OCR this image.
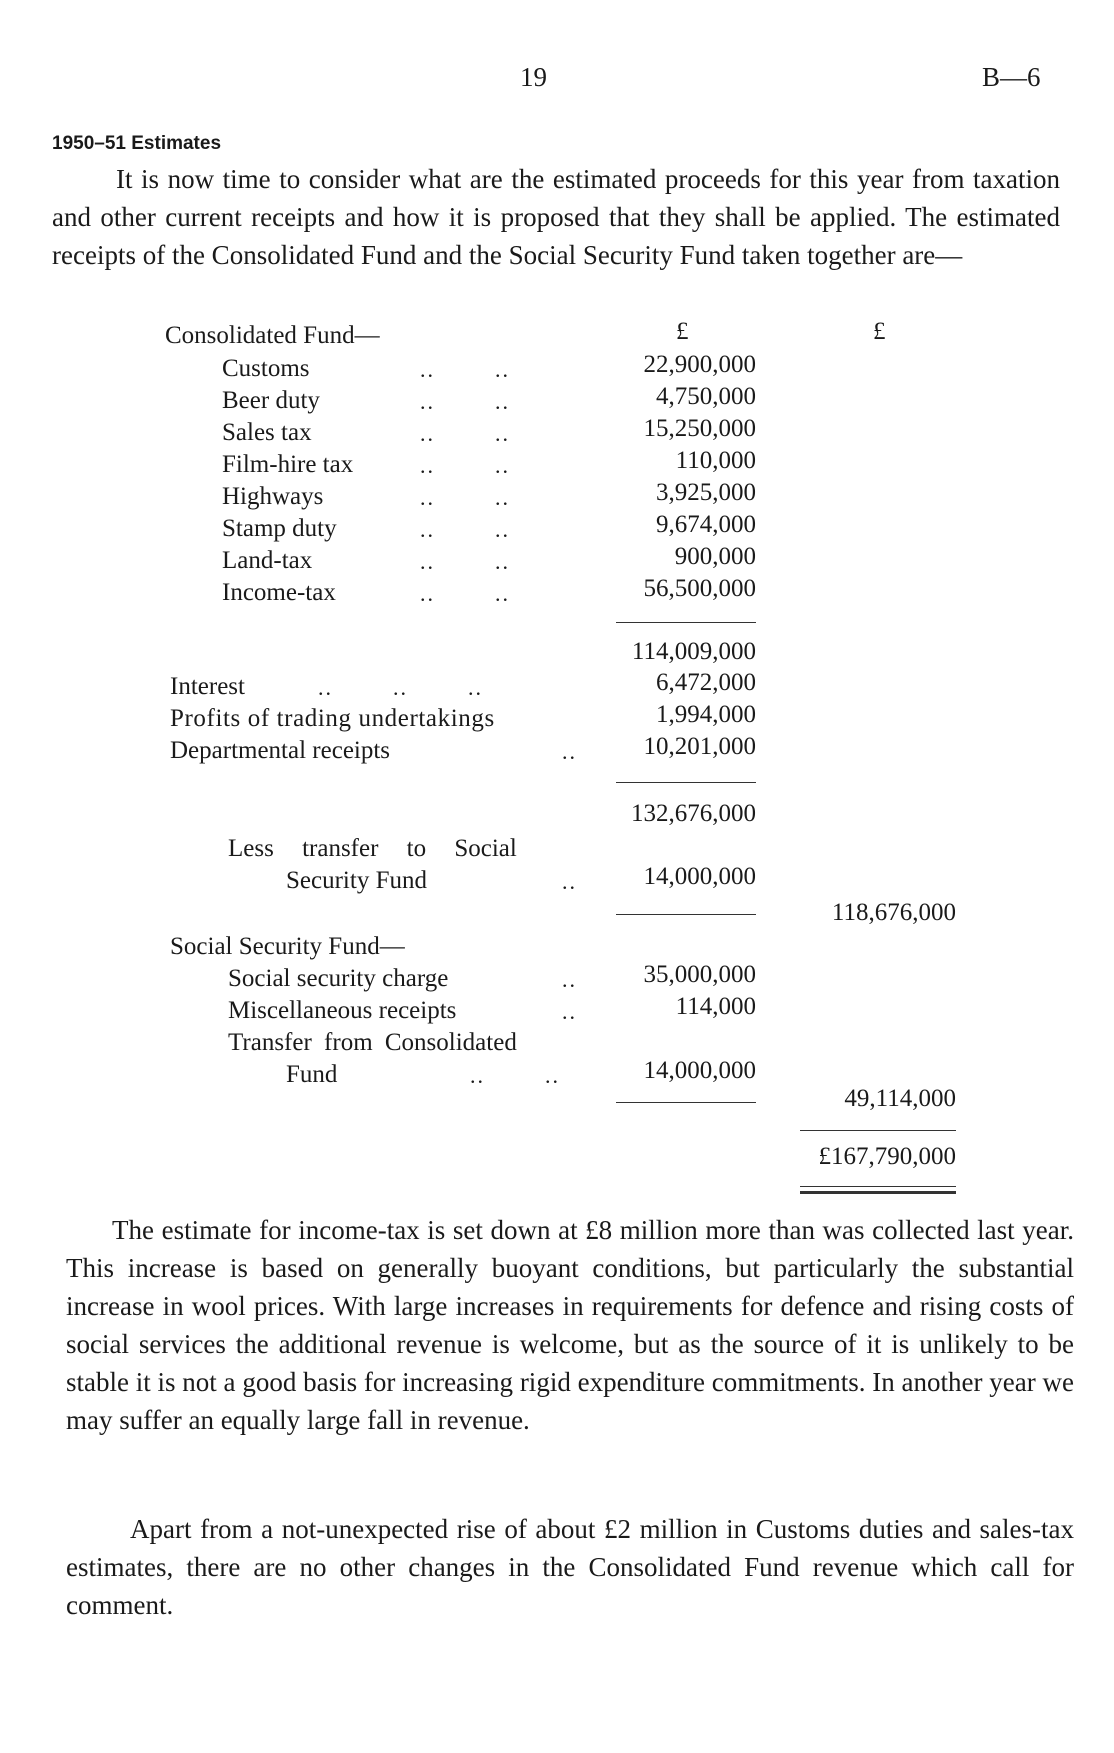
19	B—6
1950–51 Estimates
It is now time to consider what are the estimated proceeds for this year from taxation and other current receipts and how it is proposed that they shall be applied. The estimated receipts of the Consolidated Fund and the Social Security Fund taken together are—
Consolidated Fund—	£	£
Customs	..        ..	22,900,000
Beer duty	..        ..	4,750,000
Sales tax	..        ..	15,250,000
Film-hire tax	..        ..	110,000
Highways	..        ..	3,925,000
Stamp duty	..        ..	9,674,000
Land-tax	..        ..	900,000
Income-tax	..        ..	56,500,000
114,009,000
Interest	..        ..        ..	6,472,000
Profits of trading undertakings	1,994,000
Departmental receipts	..	10,201,000
132,676,000
Less transfer to Social
Security Fund	..	14,000,000
118,676,000
Social Security Fund—
Social security charge	..	35,000,000
Miscellaneous receipts	..	114,000
Transfer from Consolidated
Fund	..        ..	14,000,000
49,114,000
£167,790,000
The estimate for income-tax is set down at £8 million more than was collected last year. This increase is based on generally buoyant conditions, but particularly the substantial increase in wool prices. With large increases in requirements for defence and rising costs of social services the additional revenue is welcome, but as the source of it is unlikely to be stable it is not a good basis for increasing rigid expenditure commitments. In another year we may suffer an equally large fall in revenue.
Apart from a not-unexpected rise of about £2 million in Customs duties and sales-tax estimates, there are no other changes in the Consolidated Fund revenue which call for comment.
